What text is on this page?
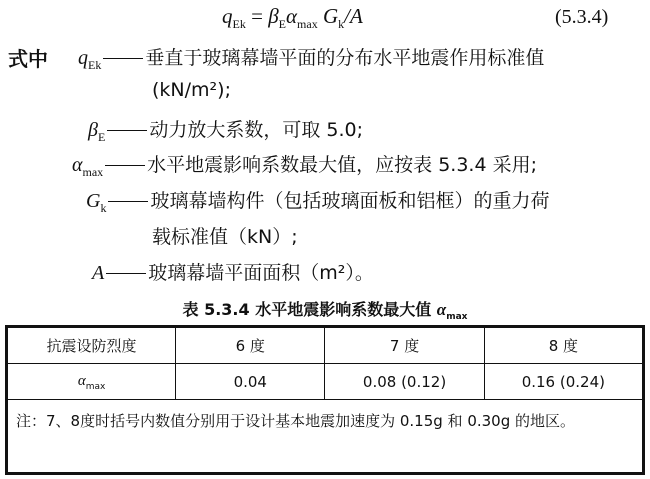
$q_{Ek} = \beta_E\alpha_{max}$ $G_k/A$	(5.3.4)
式中 $q_{Ek}$ 垂直于玻璃幕墙平面的分布水平地震作用标准值
(kN/m²);
$\beta_E$ 动力放大系数，可取 5.0;
$\alpha_{max}$ 水平地震影响系数最大值，应按表 5.3.4 采用;
$G_k$ 玻璃幕墙构件（包括玻璃面板和铝框）的重力荷
载标准值（kN）;
A 玻璃幕墙平面面积（m²）。
表 5.3.4 水平地震影响系数最大值 $\alpha_{max}$
抗震设防烈度	6 度	7 度	8 度
$\alpha_{max}$	0.04	0.08 (0.12)	0.16 (0.24)
注：7、8度时括号内数值分别用于设计基本地震加速度为 0.15g 和 0.30g 的地区。			
